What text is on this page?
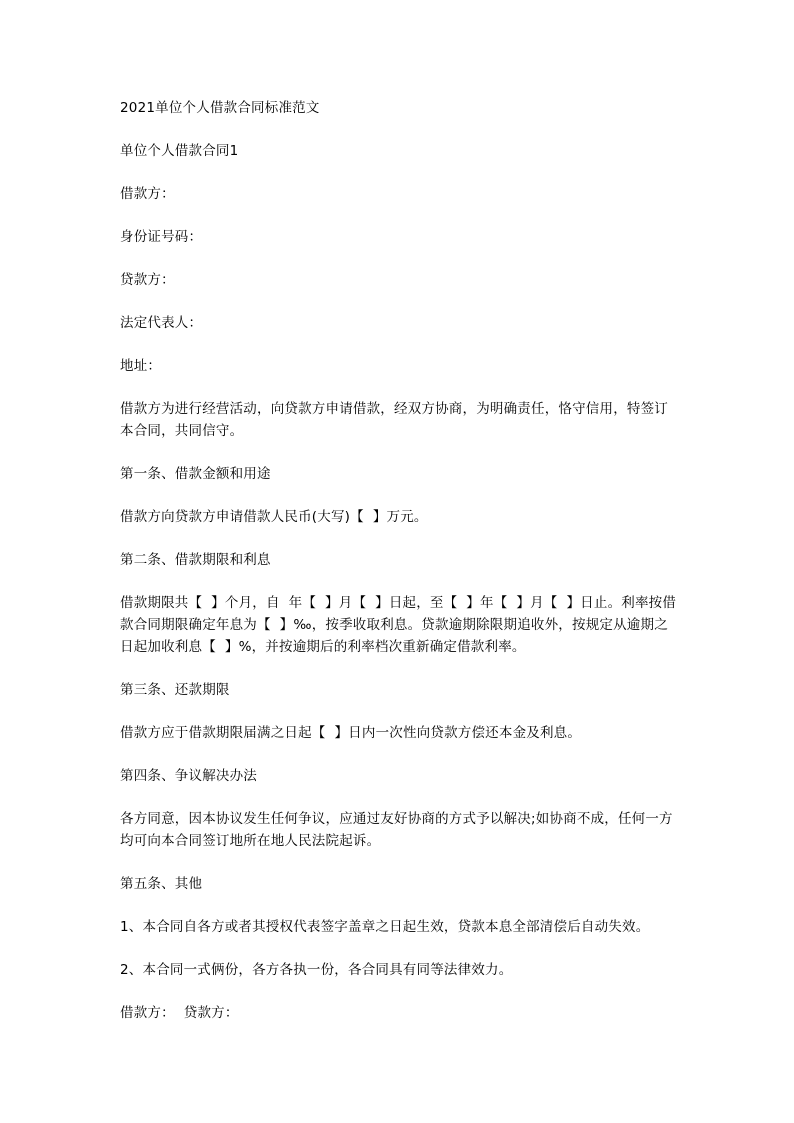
2021单位个人借款合同标准范文

单位个人借款合同1

借款方：

身份证号码：

贷款方：

法定代表人：

地址：

借款方为进行经营活动，向贷款方申请借款，经双方协商，为明确责任，恪守信用，特签订本合同，共同信守。

第一条、借款金额和用途

借款方向贷款方申请借款人民币(大写)【  】万元。

第二条、借款期限和利息

借款期限共【  】个月，自  年【  】月【  】日起，至【  】年【  】月【  】日止。利率按借款合同期限确定年息为【  】‰，按季收取利息。贷款逾期除限期追收外，按规定从逾期之日起加收利息【  】%，并按逾期后的利率档次重新确定借款利率。

第三条、还款期限

借款方应于借款期限届满之日起【  】日内一次性向贷款方偿还本金及利息。

第四条、争议解决办法

各方同意，因本协议发生任何争议，应通过友好协商的方式予以解决;如协商不成，任何一方均可向本合同签订地所在地人民法院起诉。

第五条、其他

1、本合同自各方或者其授权代表签字盖章之日起生效，贷款本息全部清偿后自动失效。

2、本合同一式俩份，各方各执一份，各合同具有同等法律效力。

借款方：  贷款方：
